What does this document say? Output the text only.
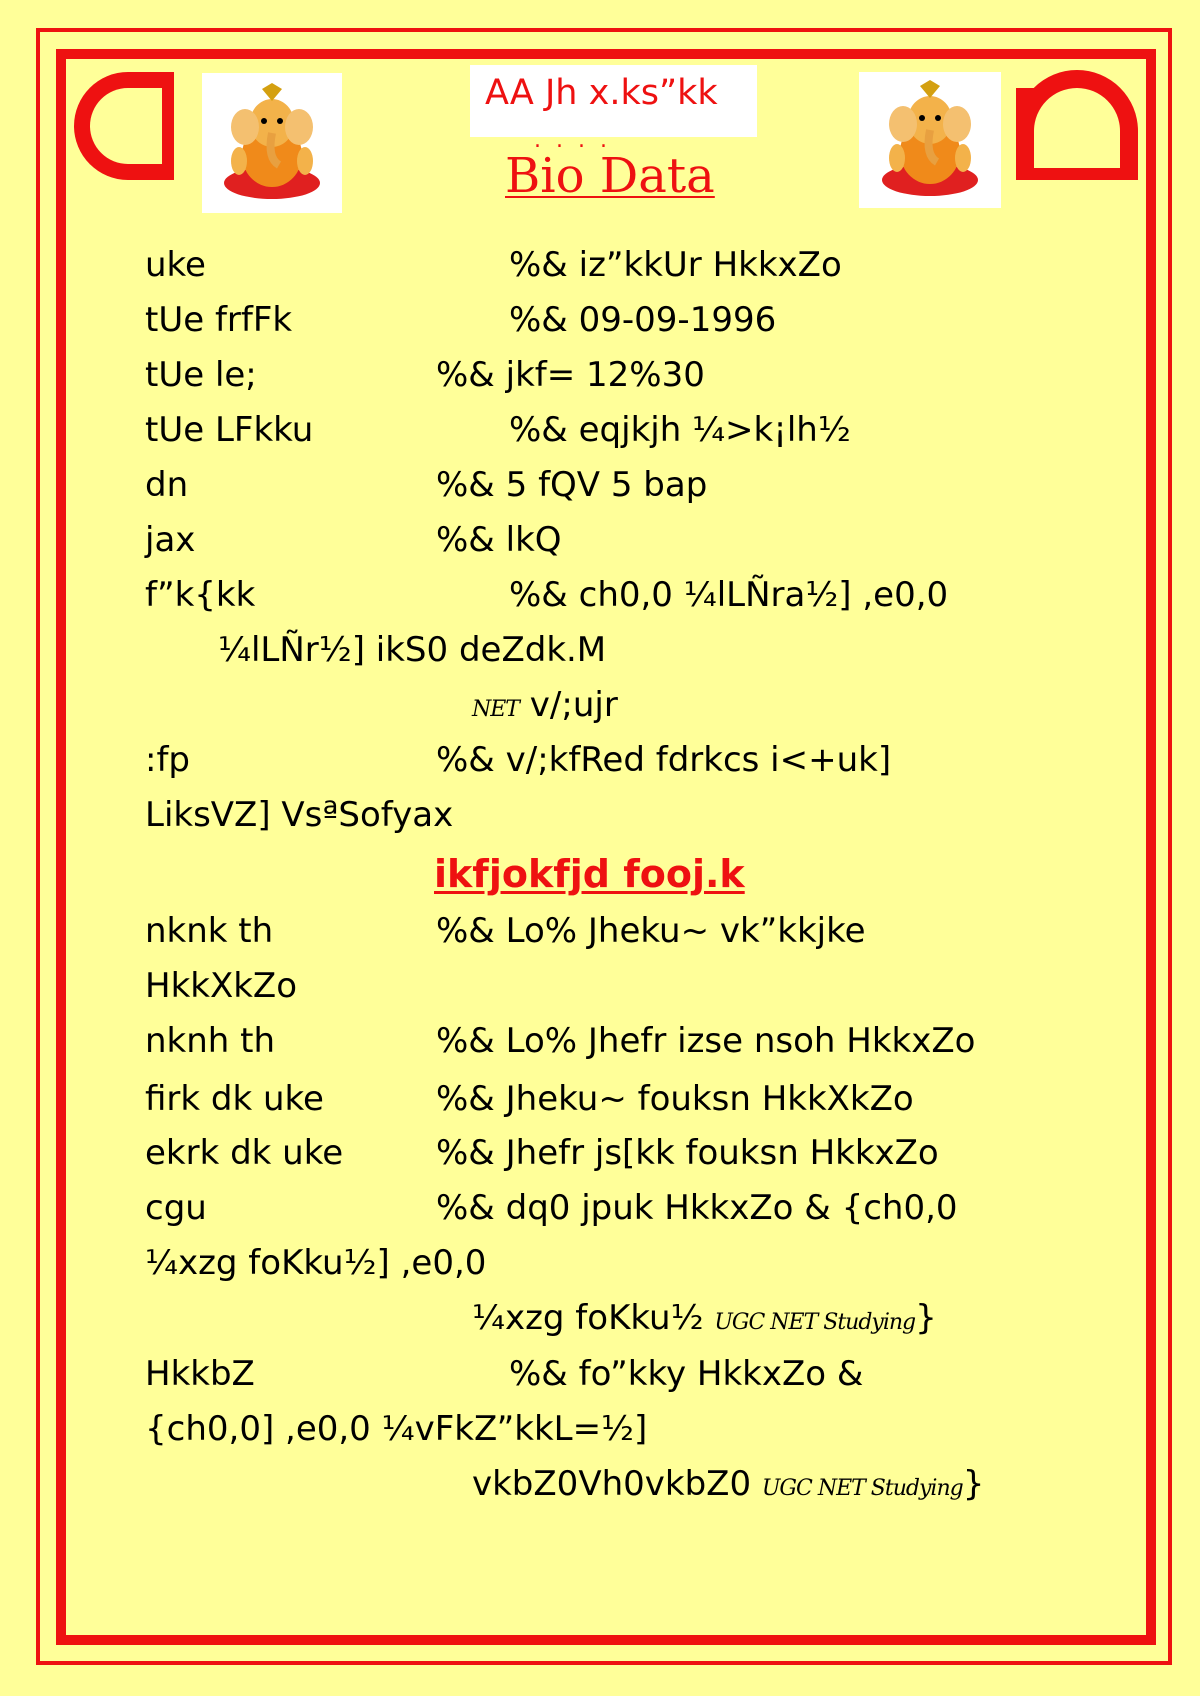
AA Jh x.ks”kk
. . . .
Bio Data
uke	%& iz”kkUr HkkxZo
tUe frfFk	%& 09-09-1996
tUe le;	%& jkf= 12%30
tUe LFkku	%& eqjkjh ¼>k¡lh½
dn	%& 5 fQV 5 bap
jax	%& lkQ
f”k{kk	%& ch0,0 ¼lLÑra½] ,e0,0
¼lLÑr½] ikS0 deZdk.M
NET v/;ujr
:fp	%& v/;kfRed fdrkcs i<+uk]
LiksVZ] VsªSofyax
ikfjokfjd fooj.k
nknk th	%& Lo% Jheku~ vk”kkjke
HkkXkZo
nknh th	%& Lo% Jhefr izse nsoh HkkxZo
firk dk uke	%& Jheku~ fouksn HkkXkZo
ekrk dk uke	%& Jhefr js[kk fouksn HkkxZo
cgu	%& dq0 jpuk HkkxZo & {ch0,0
¼xzg foKku½] ,e0,0
¼xzg foKku½ UGC NET Studying}
HkkbZ	%& fo”kky HkkxZo &
{ch0,0] ,e0,0 ¼vFkZ”kkL=½]
vkbZ0Vh0vkbZ0 UGC NET Studying}
